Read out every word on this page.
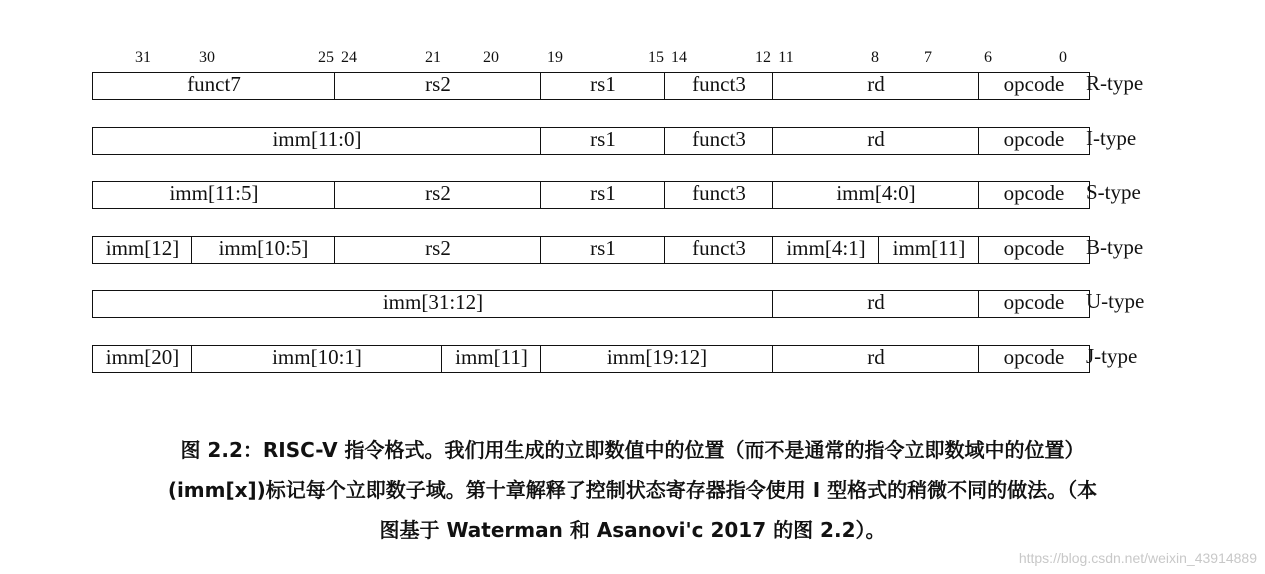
31	30	25 24	21	20	19	15 14	12 11	8	7	6	0
funct7	rs2	rs1	funct3	rd	opcode	R-type
imm[11:0]	rs1	funct3	rd	opcode	I-type
imm[11:5]	rs2	rs1	funct3	imm[4:0]	opcode	S-type
imm[12]	imm[10:5]	rs2	rs1	funct3	imm[4:1]	imm[11]	opcode	B-type
imm[31:12]	rd	opcode	U-type
imm[20]	imm[10:1]	imm[11]	imm[19:12]	rd	opcode	J-type
图 2.2：RISC-V 指令格式。我们用生成的立即数值中的位置（而不是通常的指令立即数域中的位置）
(imm[x])标记每个立即数子域。第十章解释了控制状态寄存器指令使用 I 型格式的稍微不同的做法。（本
图基于 Waterman 和 Asanovi'c 2017 的图 2.2）。
https://blog.csdn.net/weixin_43914889
